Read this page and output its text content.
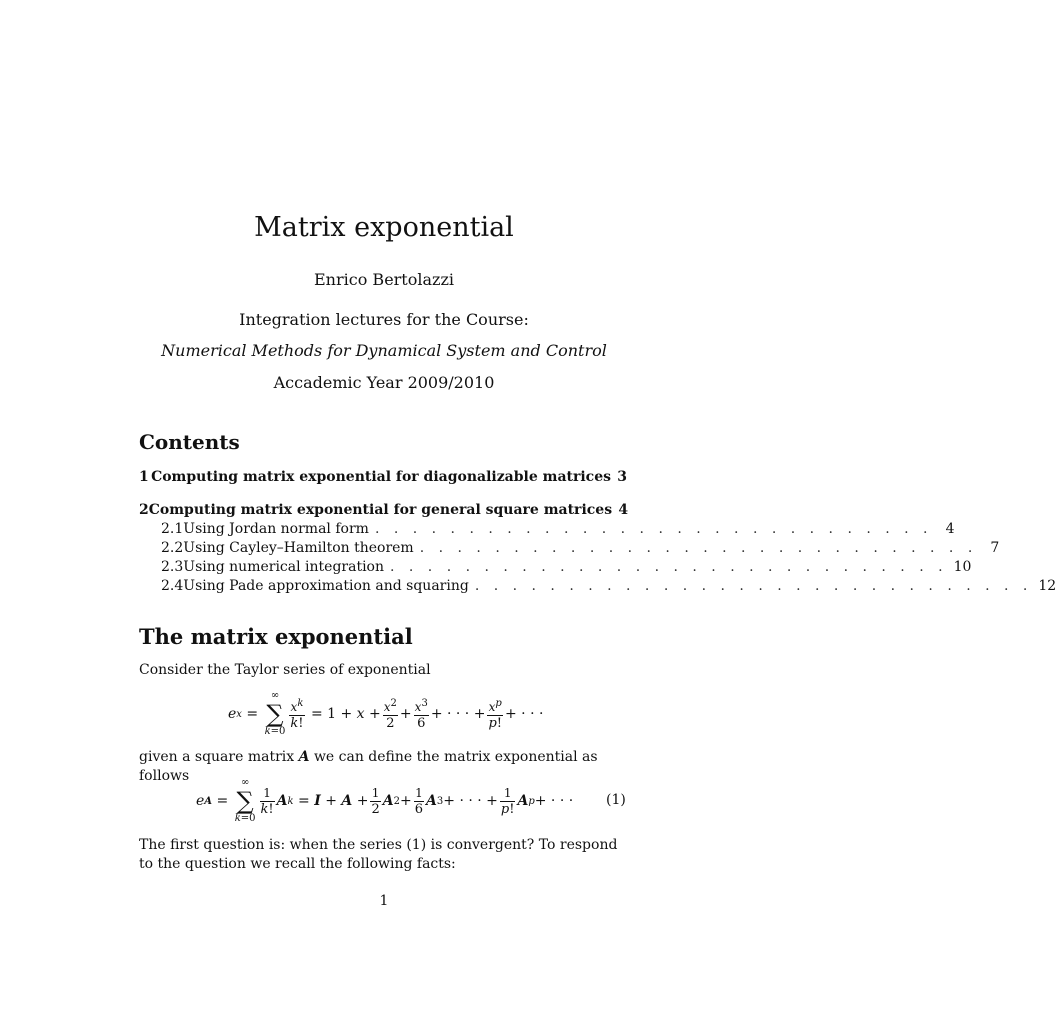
Matrix exponential
Enrico Bertolazzi
Integration lectures for the Course:
Numerical Methods for Dynamical System and Control
Accademic Year 2009/2010
Contents
1 Computing matrix exponential for diagonalizable matrices 3
2 Computing matrix exponential for general square matrices 4
2.1 Using Jordan normal form . . . . . . . . . . . . . . . . . . . . . . . . . . . . . . 4
2.2 Using Cayley–Hamilton theorem . . . . . . . . . . . . . . . . . . . . . . . . . . . . . . 7
2.3 Using numerical integration . . . . . . . . . . . . . . . . . . . . . . . . . . . . . . 10
2.4 Using Pade approximation and squaring . . . . . . . . . . . . . . . . . . . . . . . . . . . . . . 12
The matrix exponential
Consider the Taylor series of exponential
e x =
∞
∑
$k=0 \frac{x^k}{k!} = 1 + x + \frac{x^2}{2} + \frac{x^3}{6}$ + · · · + $\frac{x^p}{p!}$ + · · ·
given a square matrix A we can define the matrix exponential as follows
e A =
∞
∑
k=0
$\frac{1}{k!}$ A $k = I + A + \frac{1}{2}$ A $2 + \frac{1}{6}$ A 3 + · · · + $\frac{1}{p!}$ A p + · · ·	(1)
The first question is: when the series (1) is convergent? To respond to the question we recall the following facts:
1
